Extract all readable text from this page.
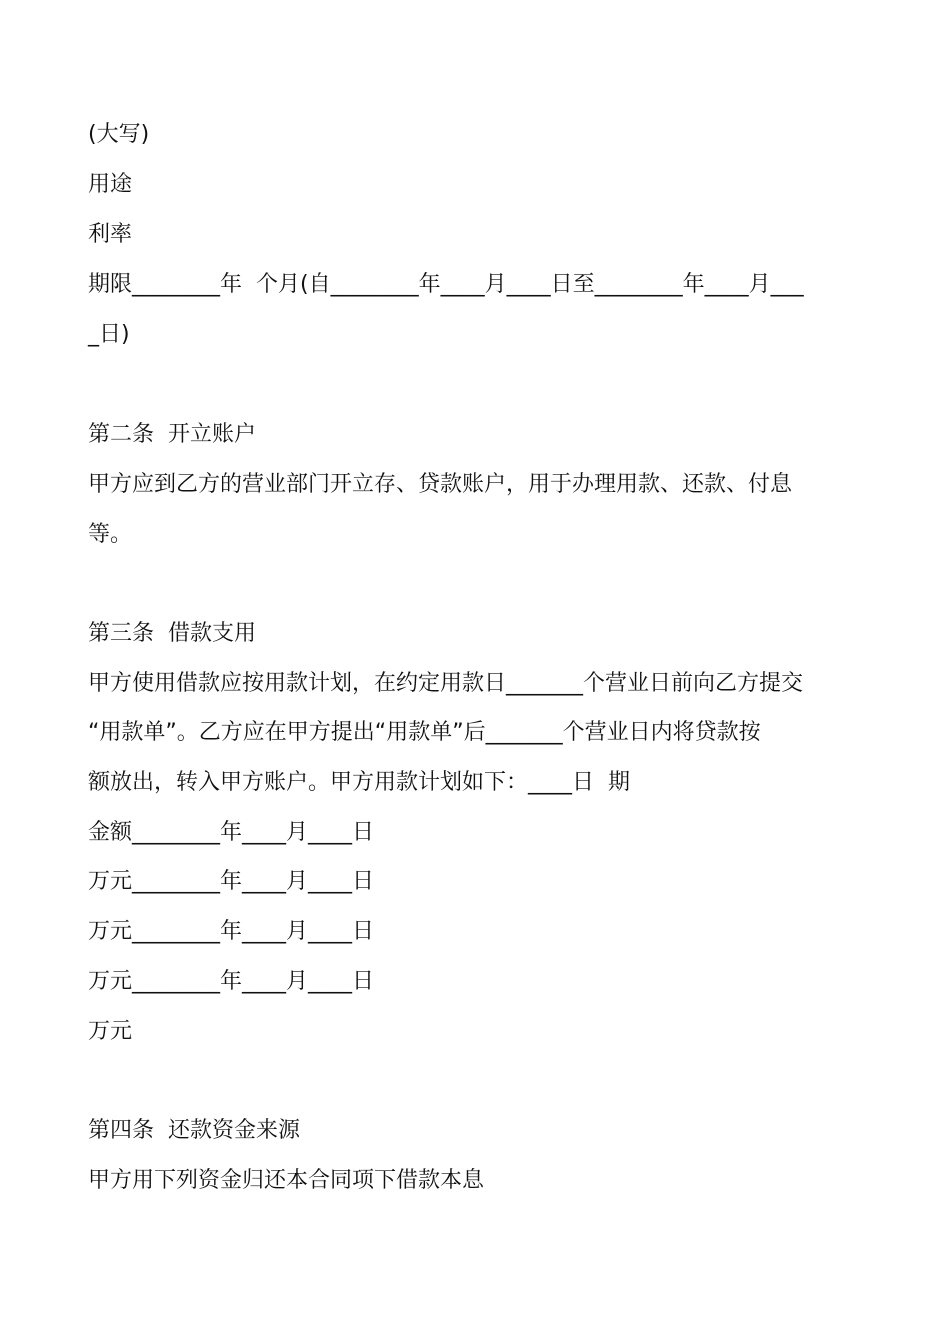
(大写)
用途
利率
期限________年  个月(自________年____月____日至________年____月___
_日)
第二条  开立账户
甲方应到乙方的营业部门开立存、贷款账户，用于办理用款、还款、付息
等。
第三条  借款支用
甲方使用借款应按用款计划，在约定用款日_______个营业日前向乙方提交
“用款单”。乙方应在甲方提出“用款单”后_______个营业日内将贷款按
额放出，转入甲方账户。甲方用款计划如下：____日  期
金额________年____月____日
万元________年____月____日
万元________年____月____日
万元________年____月____日
万元
第四条  还款资金来源
甲方用下列资金归还本合同项下借款本息
